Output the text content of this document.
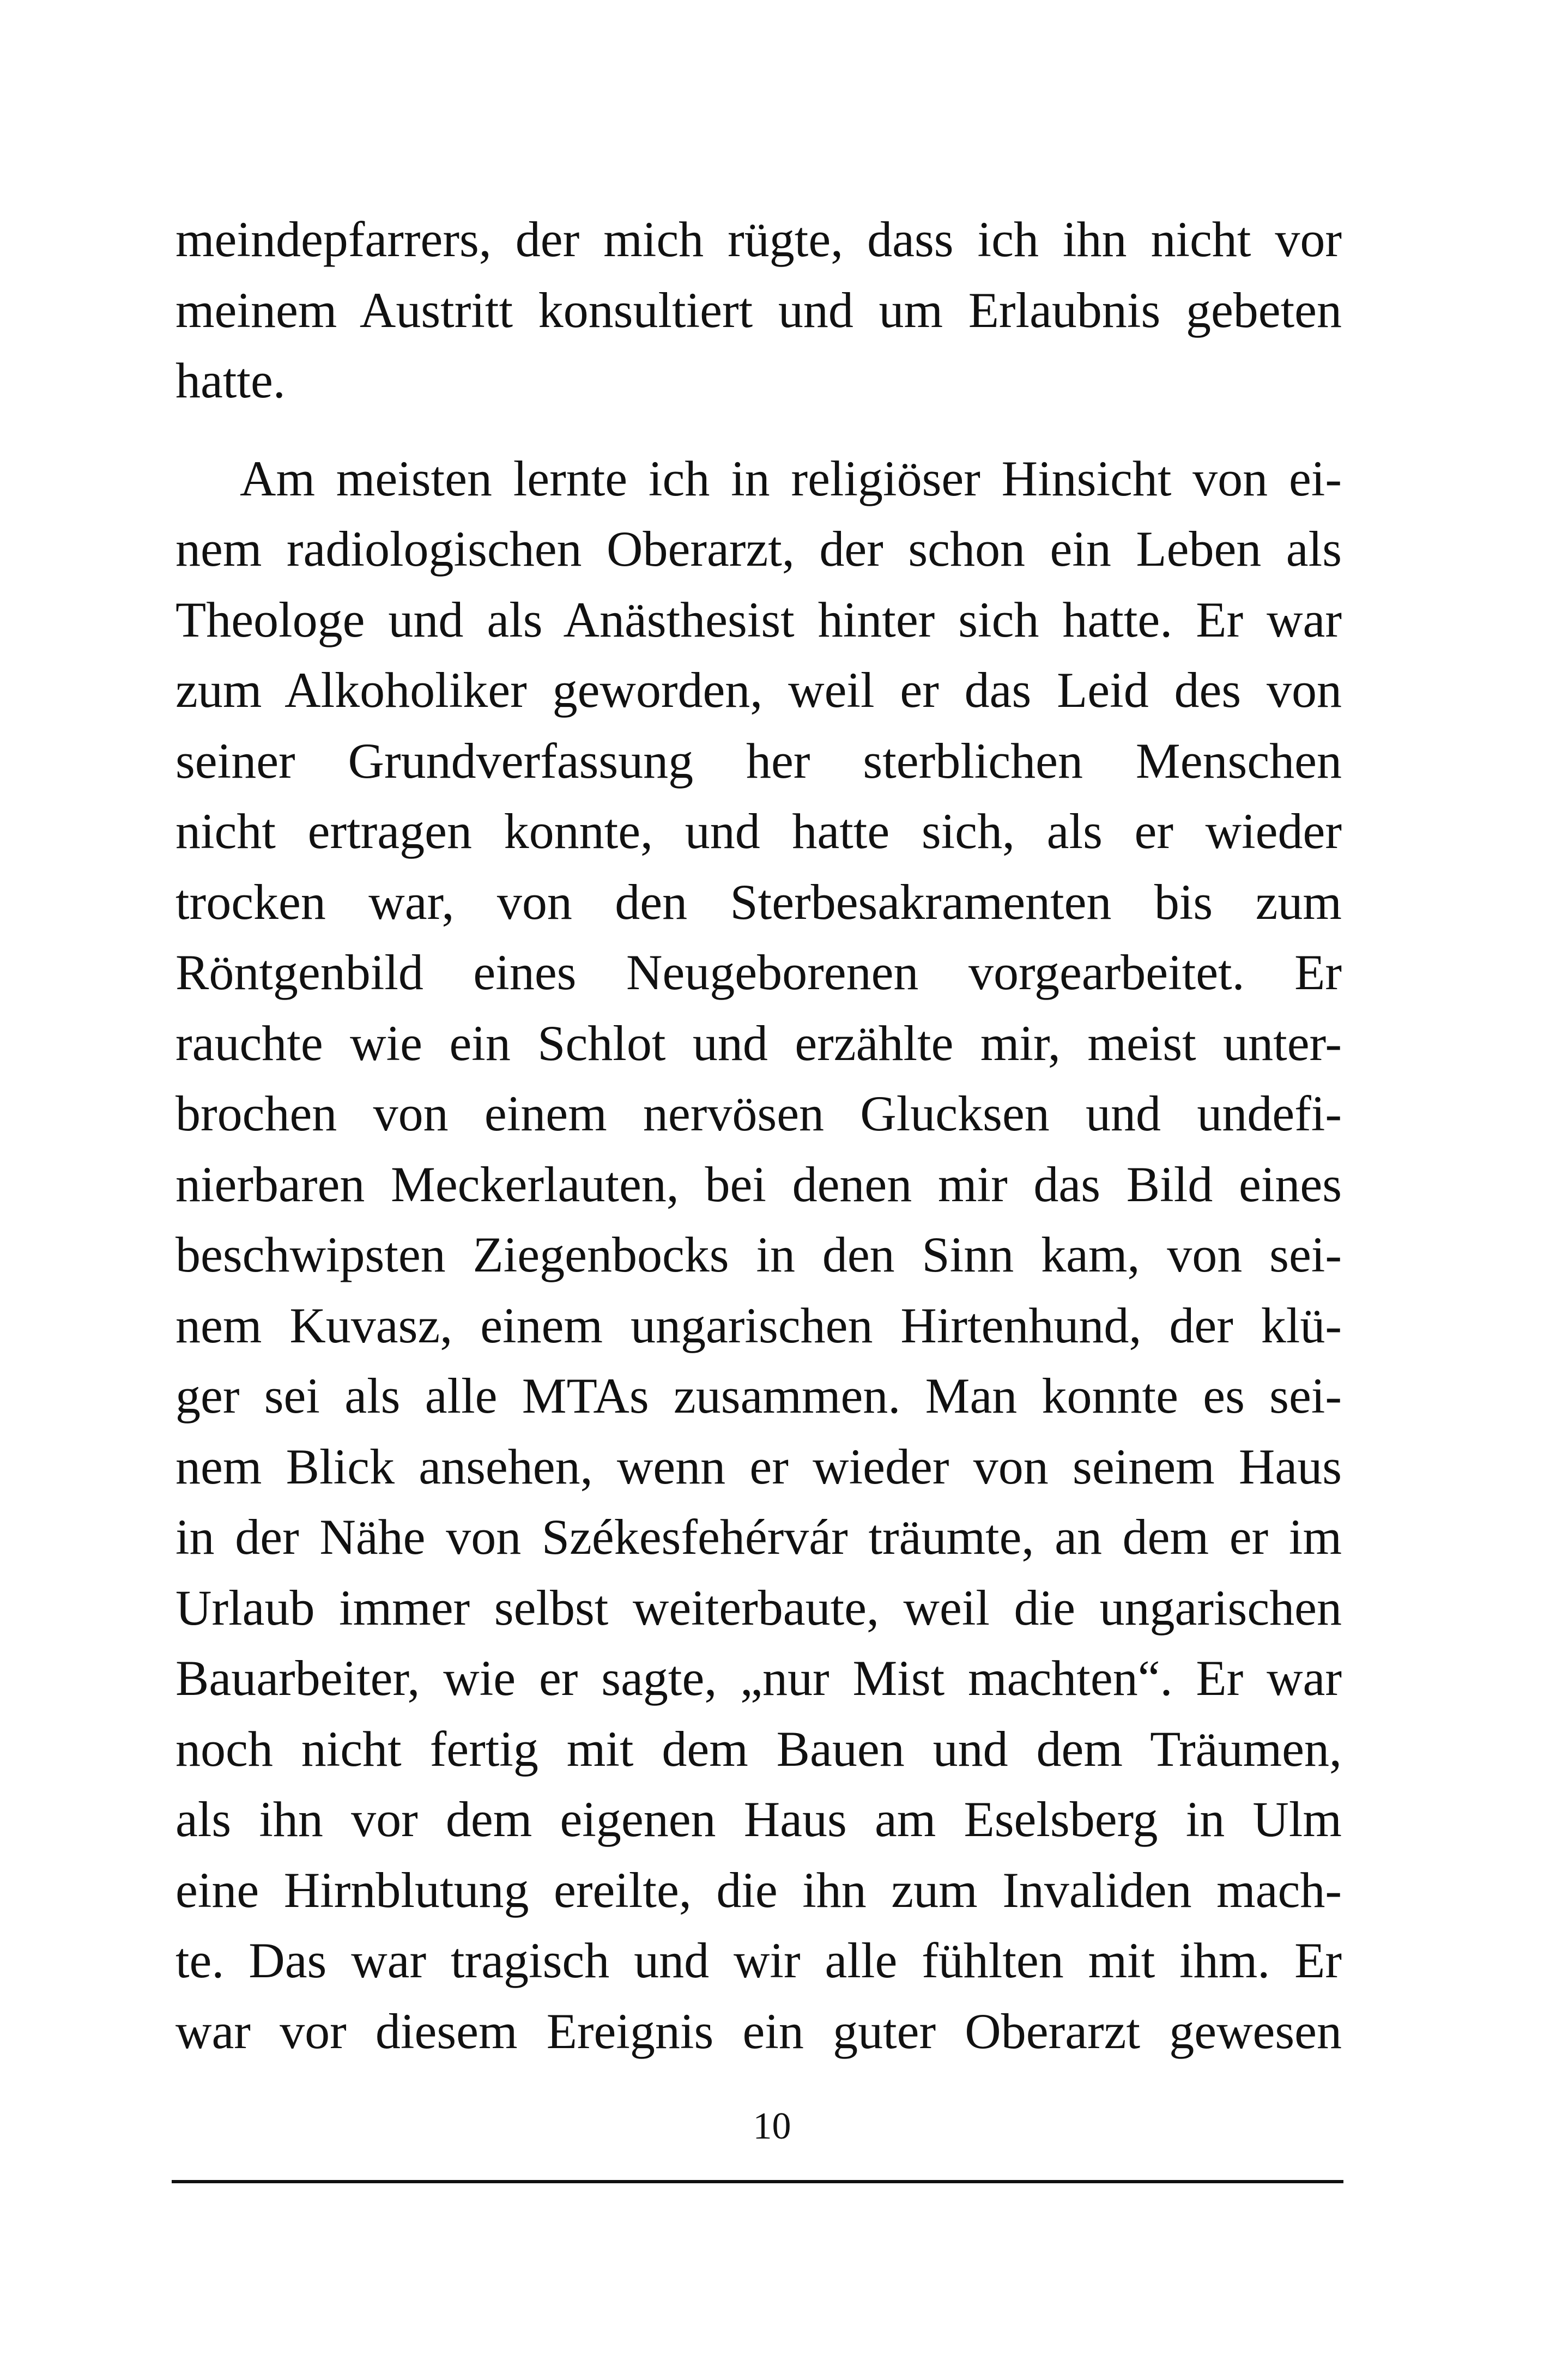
meindepfarrers, der mich rügte, dass ich ihn nicht vor
meinem Austritt konsultiert und um Erlaubnis gebeten
hatte.
Am meisten lernte ich in religiöser Hinsicht von ei-
nem radiologischen Oberarzt, der schon ein Leben als
Theologe und als Anästhesist hinter sich hatte. Er war
zum Alkoholiker geworden, weil er das Leid des von
seiner Grundverfassung her sterblichen Menschen
nicht ertragen konnte, und hatte sich, als er wieder
trocken war, von den Sterbesakramenten bis zum
Röntgenbild eines Neugeborenen vorgearbeitet. Er
rauchte wie ein Schlot und erzählte mir, meist unter-
brochen von einem nervösen Glucksen und undefi-
nierbaren Meckerlauten, bei denen mir das Bild eines
beschwipsten Ziegenbocks in den Sinn kam, von sei-
nem Kuvasz, einem ungarischen Hirtenhund, der klü-
ger sei als alle MTAs zusammen. Man konnte es sei-
nem Blick ansehen, wenn er wieder von seinem Haus
in der Nähe von Székesfehérvár träumte, an dem er im
Urlaub immer selbst weiterbaute, weil die ungarischen
Bauarbeiter, wie er sagte, „nur Mist machten“. Er war
noch nicht fertig mit dem Bauen und dem Träumen,
als ihn vor dem eigenen Haus am Eselsberg in Ulm
eine Hirnblutung ereilte, die ihn zum Invaliden mach-
te. Das war tragisch und wir alle fühlten mit ihm. Er
war vor diesem Ereignis ein guter Oberarzt gewesen
10
